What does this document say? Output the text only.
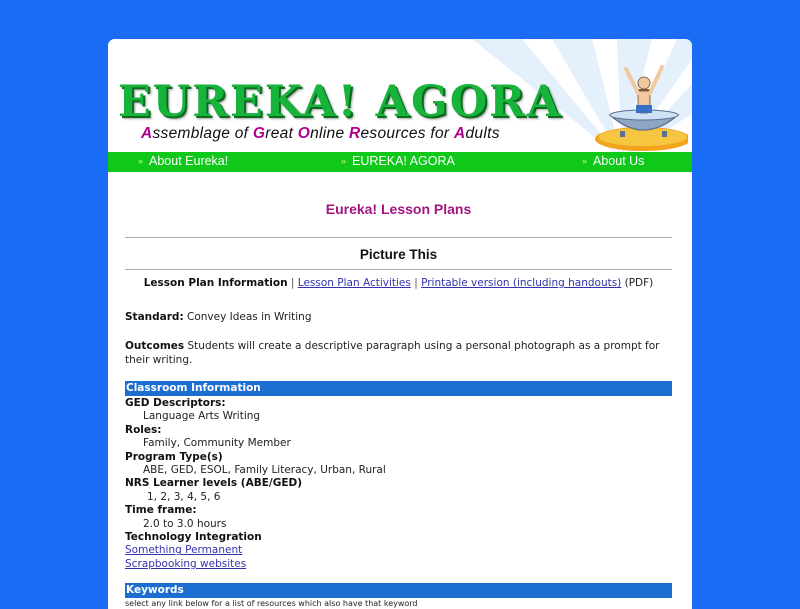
EUREKA! AGORA
Assemblage of Great Online Resources for Adults
» About Eureka!	» EUREKA! AGORA	» About Us
Eureka! Lesson Plans
Picture This
Lesson Plan Information | Lesson Plan Activities | Printable version (including handouts) (PDF)
Standard: Convey Ideas in Writing
Outcomes Students will create a descriptive paragraph using a personal photograph as a prompt for their writing.
Classroom Information
GED Descriptors:
Language Arts Writing
Roles:
Family, Community Member
Program Type(s)
ABE, GED, ESOL, Family Literacy, Urban, Rural
NRS Learner levels (ABE/GED)
1, 2, 3, 4, 5, 6
Time frame:
2.0 to 3.0 hours
Technology Integration
Something Permanent
Scrapbooking websites
Keywords
select any link below for a list of resources which also have that keyword
